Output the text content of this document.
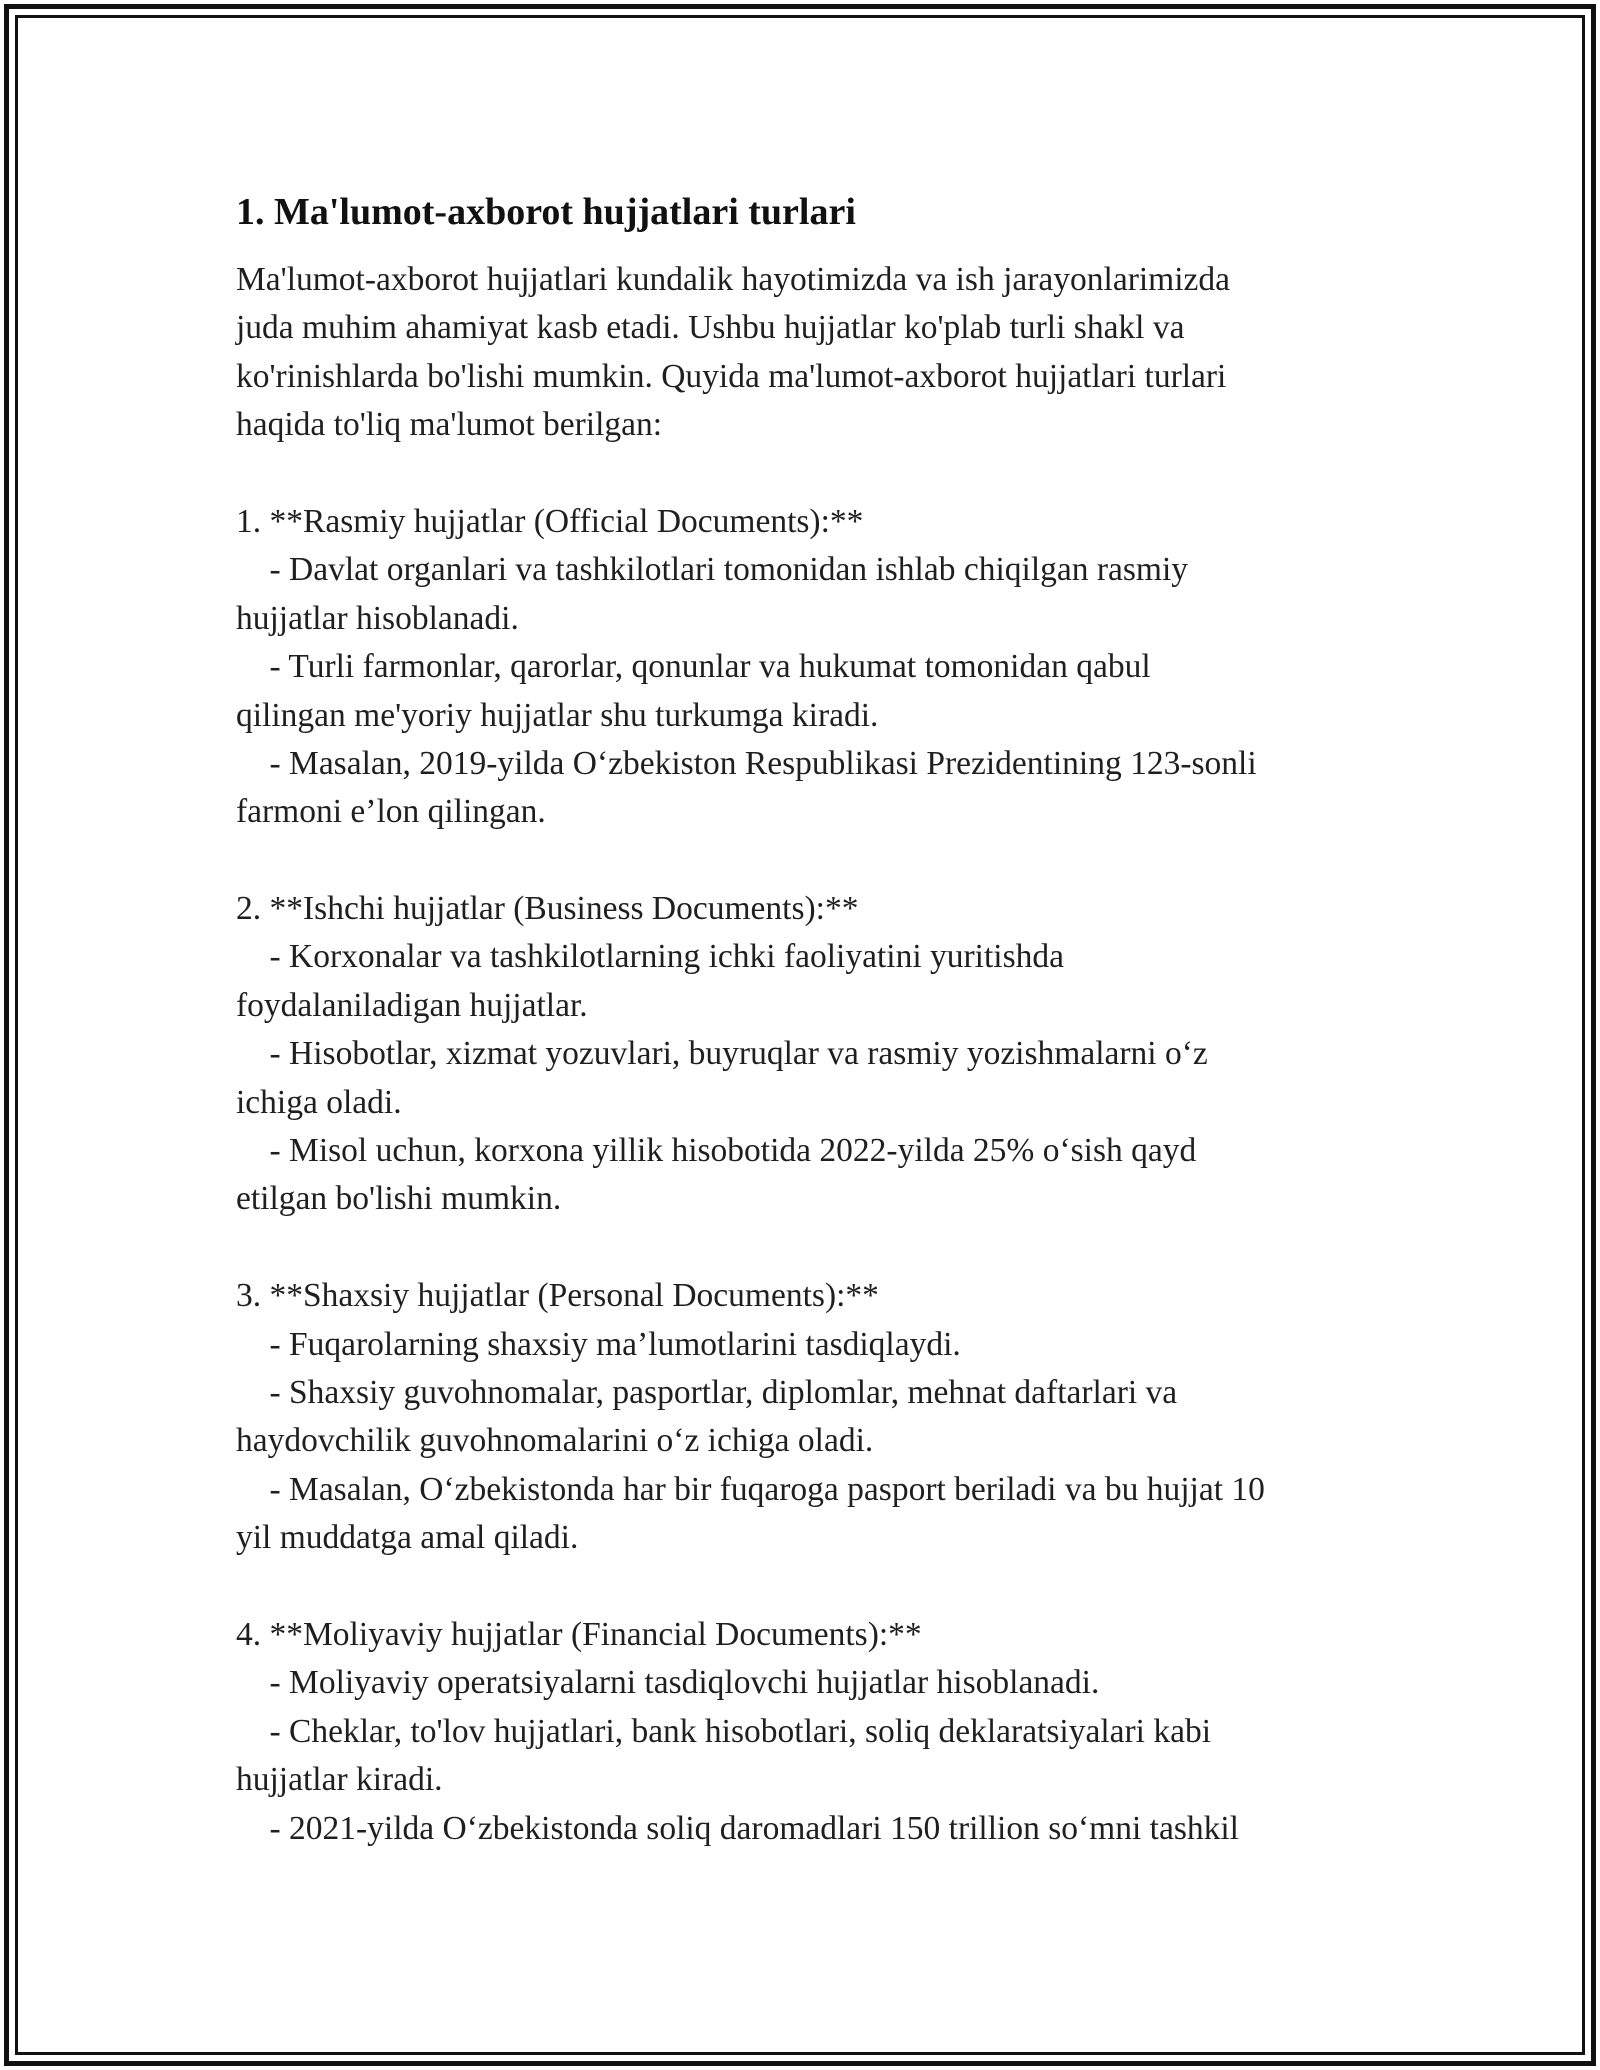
1. Ma'lumot-axborot hujjatlari turlari
Ma'lumot-axborot hujjatlari kundalik hayotimizda va ish jarayonlarimizda
juda muhim ahamiyat kasb etadi. Ushbu hujjatlar ko'plab turli shakl va
ko'rinishlarda bo'lishi mumkin. Quyida ma'lumot-axborot hujjatlari turlari
haqida to'liq ma'lumot berilgan:
1. **Rasmiy hujjatlar (Official Documents):**
- Davlat organlari va tashkilotlari tomonidan ishlab chiqilgan rasmiy
hujjatlar hisoblanadi.
- Turli farmonlar, qarorlar, qonunlar va hukumat tomonidan qabul
qilingan me'yoriy hujjatlar shu turkumga kiradi.
- Masalan, 2019-yilda Oʻzbekiston Respublikasi Prezidentining 123-sonli
farmoni e’lon qilingan.
2. **Ishchi hujjatlar (Business Documents):**
- Korxonalar va tashkilotlarning ichki faoliyatini yuritishda
foydalaniladigan hujjatlar.
- Hisobotlar, xizmat yozuvlari, buyruqlar va rasmiy yozishmalarni oʻz
ichiga oladi.
- Misol uchun, korxona yillik hisobotida 2022-yilda 25% oʻsish qayd
etilgan bo'lishi mumkin.
3. **Shaxsiy hujjatlar (Personal Documents):**
- Fuqarolarning shaxsiy ma’lumotlarini tasdiqlaydi.
- Shaxsiy guvohnomalar, pasportlar, diplomlar, mehnat daftarlari va
haydovchilik guvohnomalarini oʻz ichiga oladi.
- Masalan, Oʻzbekistonda har bir fuqaroga pasport beriladi va bu hujjat 10
yil muddatga amal qiladi.
4. **Moliyaviy hujjatlar (Financial Documents):**
- Moliyaviy operatsiyalarni tasdiqlovchi hujjatlar hisoblanadi.
- Cheklar, to'lov hujjatlari, bank hisobotlari, soliq deklaratsiyalari kabi
hujjatlar kiradi.
- 2021-yilda Oʻzbekistonda soliq daromadlari 150 trillion soʻmni tashkil
